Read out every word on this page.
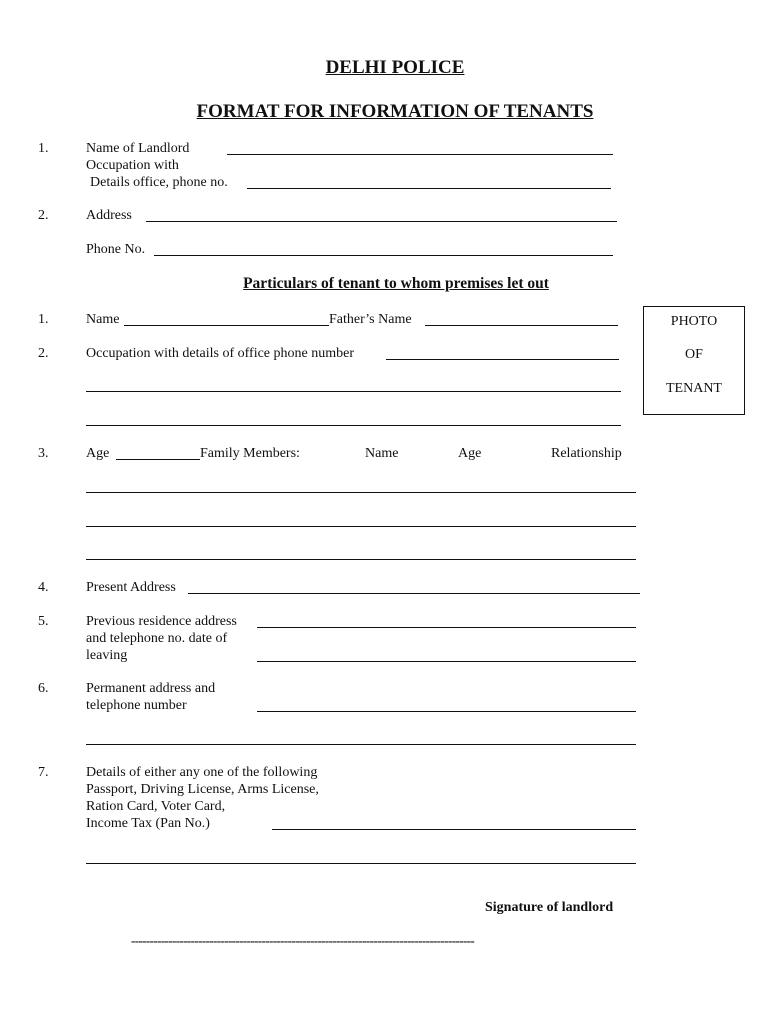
DELHI POLICE
FORMAT FOR INFORMATION OF TENANTS
1.	Name of Landlord
Occupation with
Details office, phone no.
2.	Address
Phone No.
Particulars of tenant to whom premises let out
PHOTO
OF
TENANT
1.	Name	Father’s Name
2.	Occupation with details of office phone number
3.	Age	Family Members:	Name	Age	Relationship
4.	Present Address
5.	Previous residence address
and telephone no. date of
leaving
6.	Permanent address and
telephone number
7.	Details of either any one of the following
Passport, Driving License, Arms License,
Ration Card, Voter Card,
Income Tax (Pan No.)
Signature of landlord
--------------------------------------------------------------------------------------------
